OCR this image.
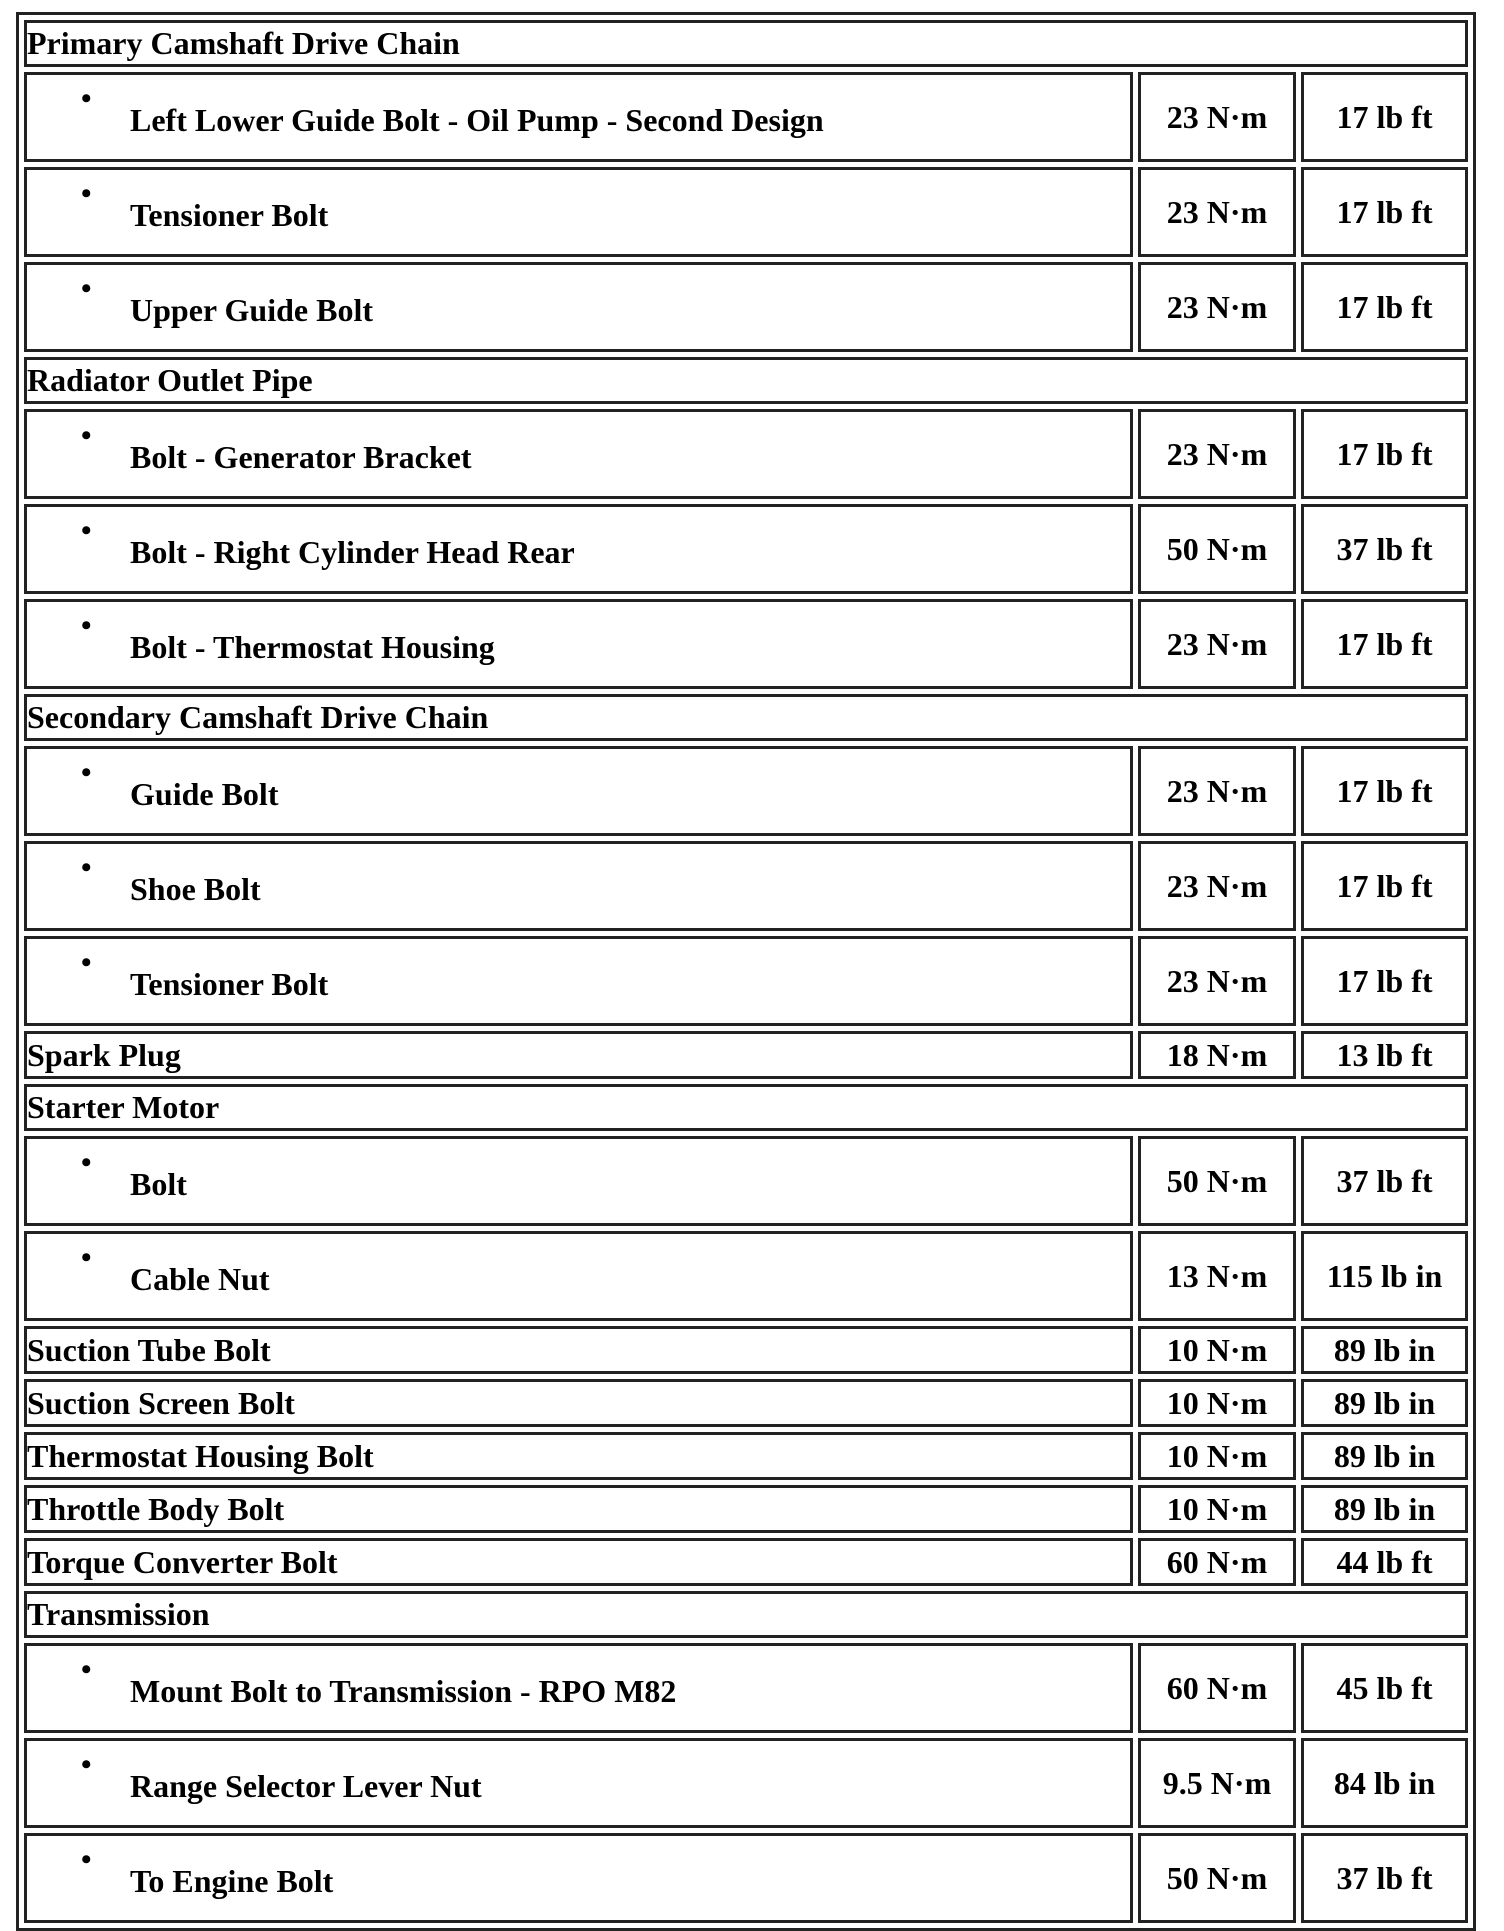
Primary Camshaft Drive Chain		

•
Left Lower Guide Bolt - Oil Pump - Second Design	23 N·m	17 lb ft

•
Tensioner Bolt	23 N·m	17 lb ft

•
Upper Guide Bolt	23 N·m	17 lb ft
Radiator Outlet Pipe		

•
Bolt - Generator Bracket	23 N·m	17 lb ft

•
Bolt - Right Cylinder Head Rear	50 N·m	37 lb ft

•
Bolt - Thermostat Housing	23 N·m	17 lb ft
Secondary Camshaft Drive Chain		

•
Guide Bolt	23 N·m	17 lb ft

•
Shoe Bolt	23 N·m	17 lb ft

•
Tensioner Bolt	23 N·m	17 lb ft
Spark Plug	18 N·m	13 lb ft
Starter Motor		

•
Bolt	50 N·m	37 lb ft

•
Cable Nut	13 N·m	115 lb in
Suction Tube Bolt	10 N·m	89 lb in
Suction Screen Bolt	10 N·m	89 lb in
Thermostat Housing Bolt	10 N·m	89 lb in
Throttle Body Bolt	10 N·m	89 lb in
Torque Converter Bolt	60 N·m	44 lb ft
Transmission		

•
Mount Bolt to Transmission - RPO M82	60 N·m	45 lb ft

•
Range Selector Lever Nut	9.5 N·m	84 lb in

•
To Engine Bolt	50 N·m	37 lb ft
